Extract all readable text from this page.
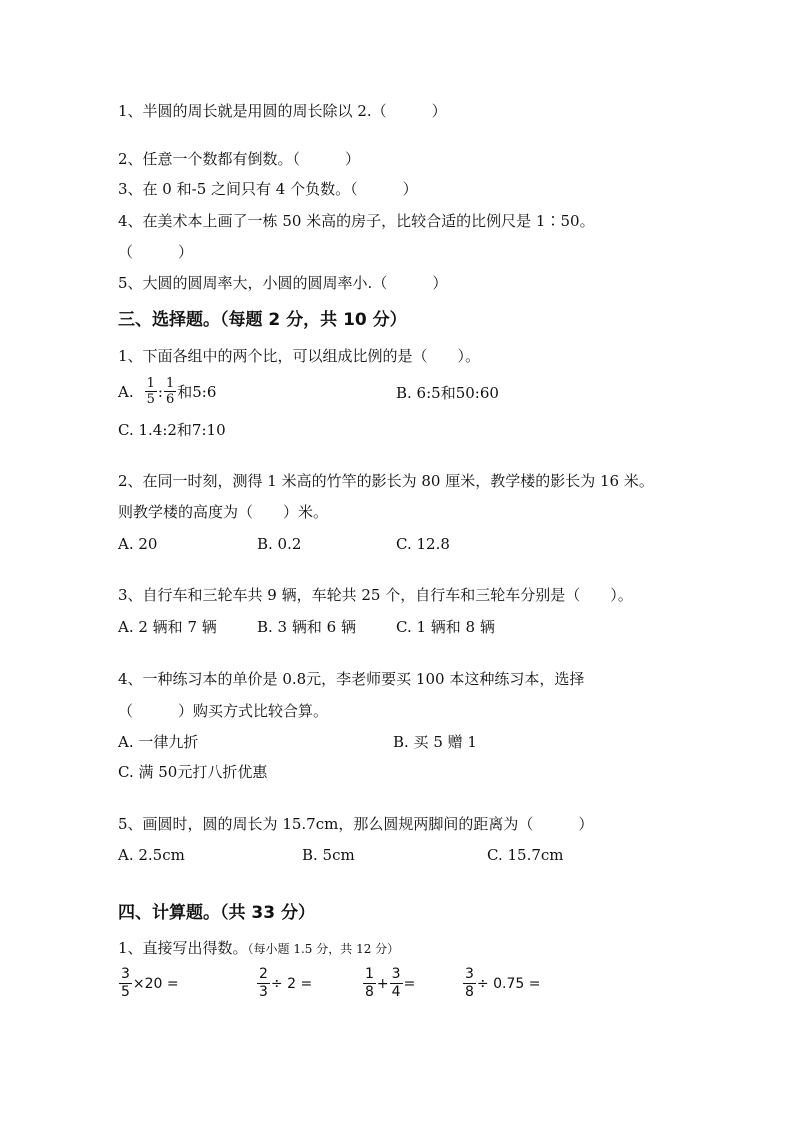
1、半圆的周长就是用圆的周长除以 2.（　　　）
2、任意一个数都有倒数。（　　　）
3、在 0 和-5 之间只有 4 个负数。（　　　）
4、在美术本上画了一栋 50 米高的房子，比较合适的比例尺是 1∶50。
（　　　）
5、大圆的圆周率大，小圆的圆周率小.（　　　）
三、选择题。（每题 2 分，共 10 分）
1、下面各组中的两个比，可以组成比例的是（　　）。
A. $\frac{1}{5}$ : $\frac{1}{6}$ 和5:6	B. 6:5和50:60
C. 1.4:2和7:10
2、在同一时刻，测得 1 米高的竹竿的影长为 80 厘米，教学楼的影长为 16 米。
则教学楼的高度为（　　）米。
A. 20	B. 0.2	C. 12.8
3、自行车和三轮车共 9 辆，车轮共 25 个，自行车和三轮车分别是（　　）。
A. 2 辆和 7 辆	B. 3 辆和 6 辆	C. 1 辆和 8 辆
4、一种练习本的单价是 0.8元，李老师要买 100 本这种练习本，选择
（　　　）购买方式比较合算。
A. 一律九折	B. 买 5 赠 1
C. 满 50元打八折优惠
5、画圆时，圆的周长为 15.7cm，那么圆规两脚间的距离为（　　　）
A. 2.5cm	B. 5cm	C. 15.7cm
四、计算题。（共 33 分）
1、直接写出得数。（每小题 1.5 分，共 12 分）
$\frac{3}{5} \times 20$ =	$\frac{2}{3} \div 2$ =	$\frac{1}{8} + \frac{3}{4}$ =	$\frac{3}{8} \div 0.75$ =
